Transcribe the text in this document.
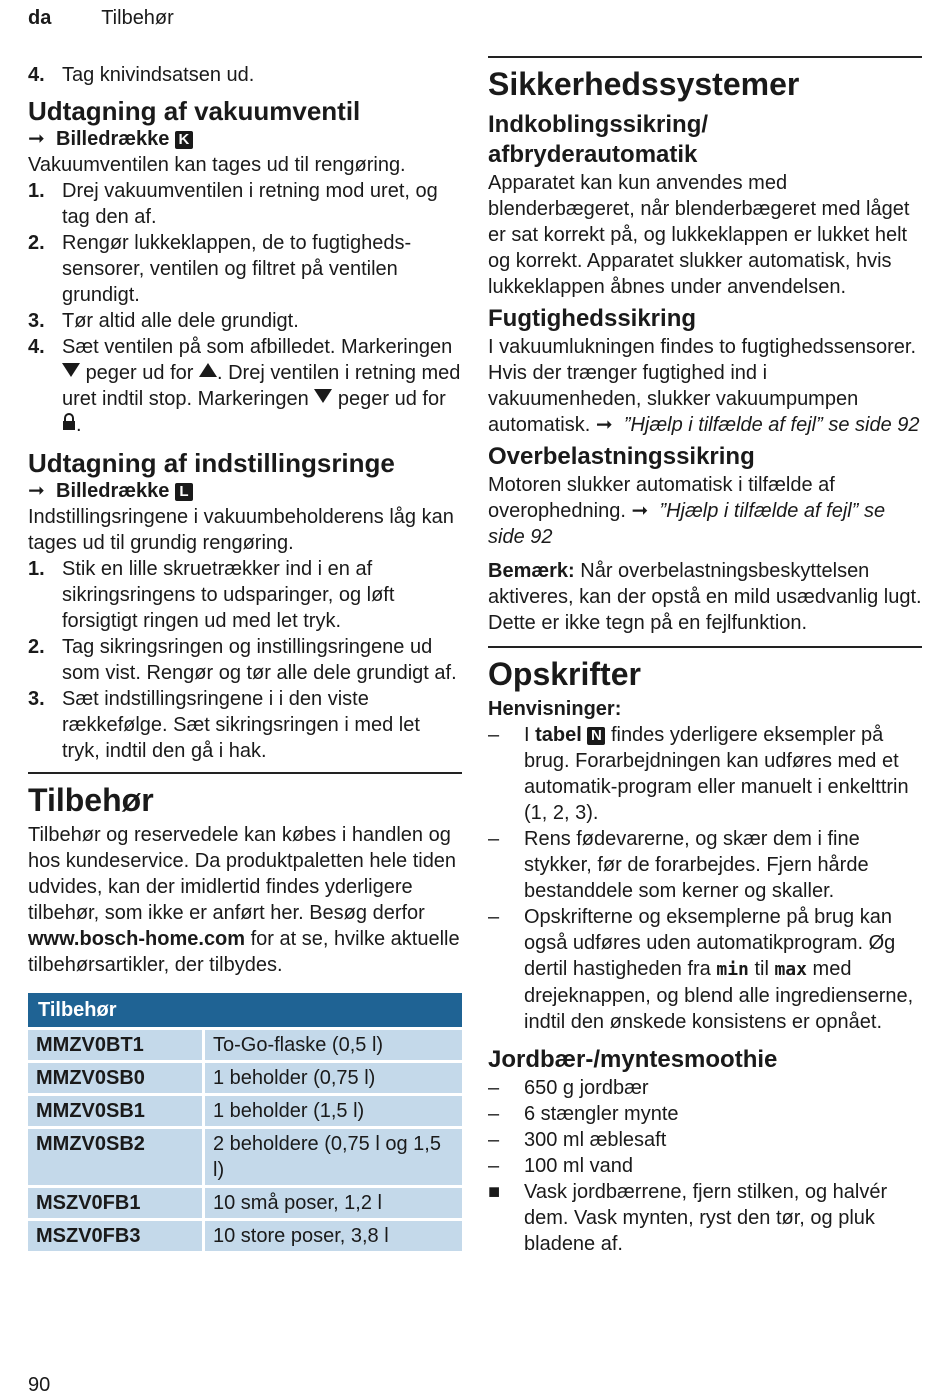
da Tilbehør
4. Tag knivindsatsen ud.
Udtagning af vakuumventil

➞ Billedrække K

Vakuumventilen kan tages ud til rengøring.

1. Drej vakuumventilen i retning mod uret, og tag den af.
2. Rengør lukkeklappen, de to fugtighedssensorer, ventilen og filtret på ventilen grundigt.
3. Tør altid alle dele grundigt.
4. Sæt ventilen på som afbilledet. Markeringen  peger ud for . Drej ventilen i retning med uret indtil stop. Markeringen peger ud for .
Udtagning af indstillingsringe

➞ Billedrække L

Indstillingsringene i vakuumbeholderens låg kan tages ud til grundig rengøring.

1. Stik en lille skruetrækker ind i en af sikringsringens to udsparinger, og løft forsigtigt ringen ud med let tryk.
2. Tag sikringsringen og instillingsringene ud som vist. Rengør og tør alle dele grundigt af.
3. Sæt indstillingsringene i i den viste rækkefølge. Sæt sikringsringen i med let tryk, indtil den gå i hak.
Tilbehør

Tilbehør og reservedele kan købes i handlen og hos kundeservice. Da produktpaletten hele tiden udvides, kan der imidlertid findes yderligere tilbehør, som ikke er anført her. Besøg derfor www.bosch-home.com for at se, hvilke aktuelle tilbehørsartikler, der tilbydes.

Tilbehør	
MMZV0BT1	To-Go-flaske (0,5 l)
MMZV0SB0	1 beholder (0,75 l)
MMZV0SB1	1 beholder (1,5 l)
MMZV0SB2	2 beholdere (0,75 l og 1,5 l)
MSZV0FB1	10 små poser, 1,2 l
MSZV0FB3	10 store poser, 3,8 l
Sikkerhedssystemer
Indkoblingssikring/ afbryderautomatik

Apparatet kan kun anvendes med blenderbægeret, når blenderbægeret med låget er sat korrekt på, og lukkeklappen er lukket helt og korrekt. Apparatet slukker automatisk, hvis lukkeklappen åbnes under anvendelsen.

Fugtighedssikring

I vakuumlukningen findes to fugtighedssensorer. Hvis der trænger fugtighed ind i vakuumenheden, slukker vakuumpumpen automatisk. ➞ ”Hjælp i tilfælde af fejl” se side 92

Overbelastningssikring

Motoren slukker automatisk i tilfælde af overophedning. ➞ ”Hjælp i tilfælde af fejl” se side 92

Bemærk: Når overbelastningsbeskyttelsen aktiveres, kan der opstå en mild usædvanlig lugt. Dette er ikke tegn på en fejlfunktion.

Opskrifter

Henvisninger:

–	I tabel N findes yderligere eksempler på brug. Forarbejdningen kan udføres med et automatik-program eller manuelt i enkelttrin (1, 2, 3).
–	Rens fødevarerne, og skær dem i fine stykker, før de forarbejdes. Fjern hårde bestanddele som kerner og skaller.
–	Opskrifterne og eksemplerne på brug kan også udføres uden automatikprogram. Øg dertil hastigheden fra min til max med drejeknappen, og blend alle ingredienserne, indtil den ønskede konsistens er opnået.
Jordbær-/myntesmoothie
–	650 g jordbær
–	6 stængler mynte
–	300 ml æblesaft
–	100 ml vand
■	Vask jordbærrene, fjern stilken, og halvér dem. Vask mynten, ryst den tør, og pluk bladene af.
90
